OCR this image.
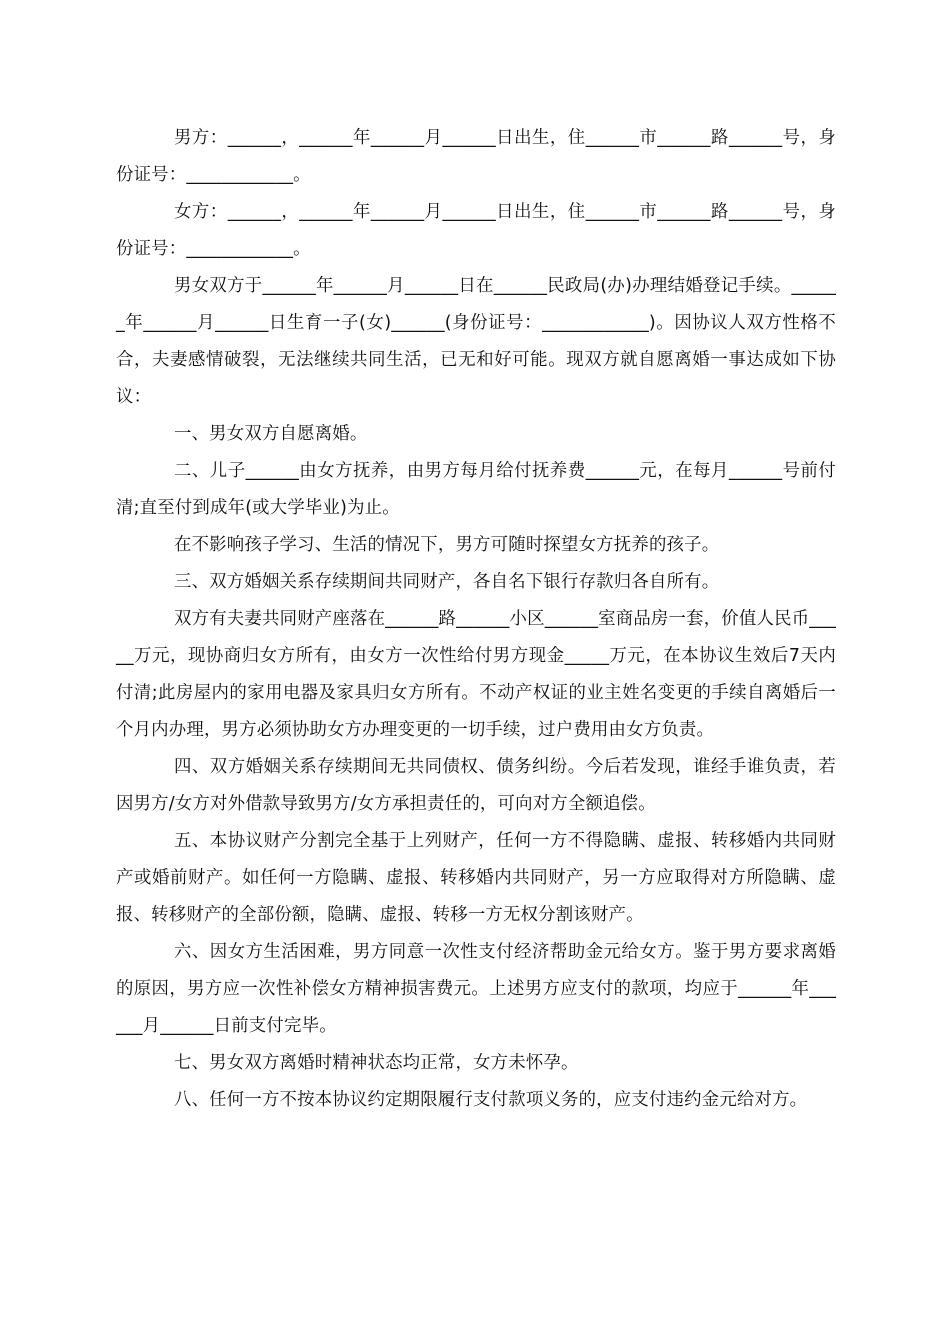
男方：______，______年______月______日出生，住______市______路______号，身份证号：____________。

女方：______，______年______月______日出生，住______市______路______号，身份证号：____________。

男女双方于______年______月______日在______民政局(办)办理结婚登记手续。______年______月______日生育一子(女)______(身份证号：____________)。因协议人双方性格不合，夫妻感情破裂，无法继续共同生活，已无和好可能。现双方就自愿离婚一事达成如下协议：

一、男女双方自愿离婚。

二、儿子______由女方抚养，由男方每月给付抚养费______元，在每月______号前付清;直至付到成年(或大学毕业)为止。

在不影响孩子学习、生活的情况下，男方可随时探望女方抚养的孩子。

三、双方婚姻关系存续期间共同财产，各自名下银行存款归各自所有。

双方有夫妻共同财产座落在______路______小区______室商品房一套，价值人民币_____万元，现协商归女方所有，由女方一次性给付男方现金_____万元，在本协议生效后7天内付清;此房屋内的家用电器及家具归女方所有。不动产权证的业主姓名变更的手续自离婚后一个月内办理，男方必须协助女方办理变更的一切手续，过户费用由女方负责。

四、双方婚姻关系存续期间无共同债权、债务纠纷。今后若发现，谁经手谁负责，若因男方/女方对外借款导致男方/女方承担责任的，可向对方全额追偿。

五、本协议财产分割完全基于上列财产，任何一方不得隐瞒、虚报、转移婚内共同财产或婚前财产。如任何一方隐瞒、虚报、转移婚内共同财产，另一方应取得对方所隐瞒、虚报、转移财产的全部份额，隐瞒、虚报、转移一方无权分割该财产。

六、因女方生活困难，男方同意一次性支付经济帮助金元给女方。鉴于男方要求离婚的原因，男方应一次性补偿女方精神损害费元。上述男方应支付的款项，均应于______年______月______日前支付完毕。

七、男女双方离婚时精神状态均正常，女方未怀孕。

八、任何一方不按本协议约定期限履行支付款项义务的，应支付违约金元给对方。
